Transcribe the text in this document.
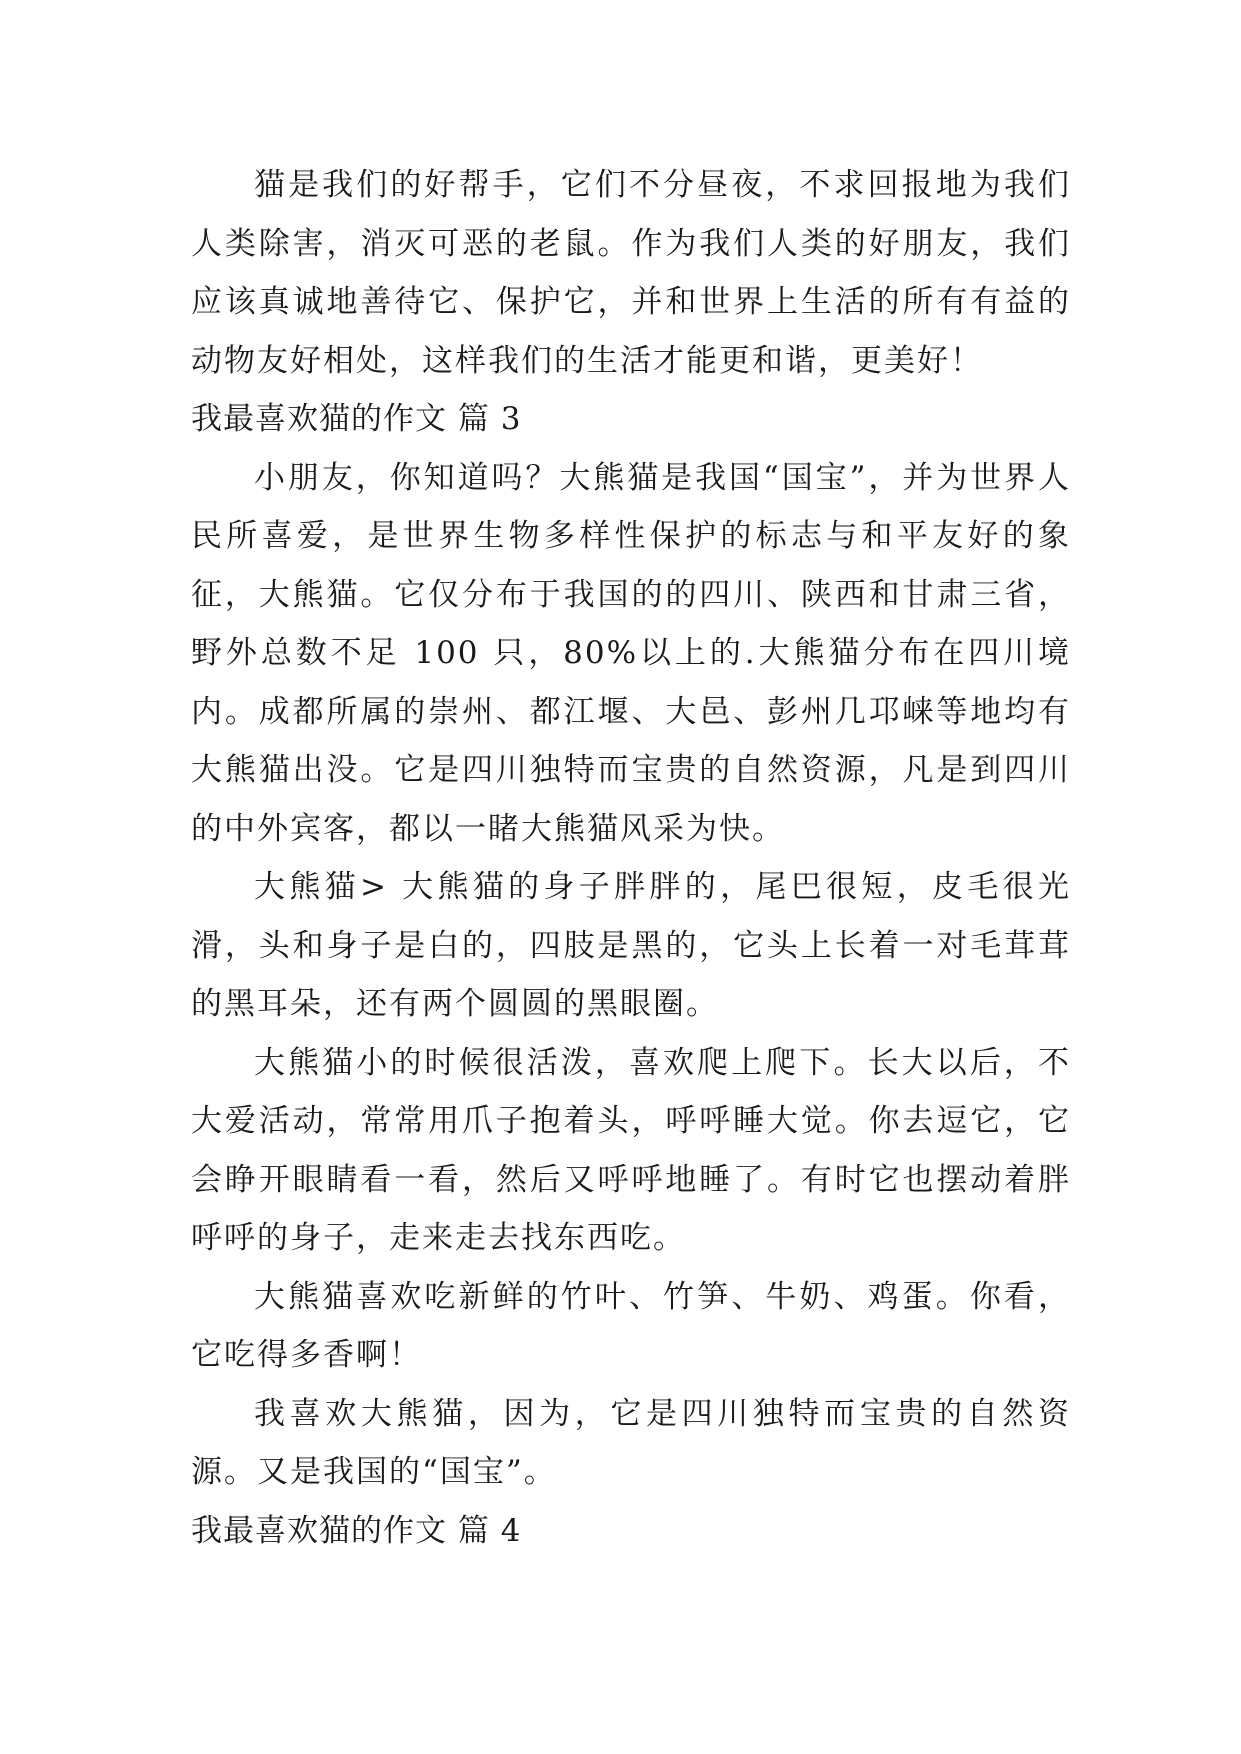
猫是我们的好帮手，它们不分昼夜，不求回报地为我们人类除害，消灭可恶的老鼠。作为我们人类的好朋友，我们应该真诚地善待它、保护它，并和世界上生活的所有有益的动物友好相处，这样我们的生活才能更和谐，更美好！

我最喜欢猫的作文 篇 3

小朋友，你知道吗？大熊猫是我国“国宝”，并为世界人民所喜爱，是世界生物多样性保护的标志与和平友好的象征，大熊猫。它仅分布于我国的的四川、陕西和甘肃三省，野外总数不足 100 只，80%以上的.大熊猫分布在四川境内。成都所属的崇州、都江堰、大邑、彭州几邛崃等地均有大熊猫出没。它是四川独特而宝贵的自然资源，凡是到四川的中外宾客，都以一睹大熊猫风采为快。

大熊猫> 大熊猫的身子胖胖的，尾巴很短，皮毛很光滑，头和身子是白的，四肢是黑的，它头上长着一对毛茸茸的黑耳朵，还有两个圆圆的黑眼圈。

大熊猫小的时候很活泼，喜欢爬上爬下。长大以后，不大爱活动，常常用爪子抱着头，呼呼睡大觉。你去逗它，它会睁开眼睛看一看，然后又呼呼地睡了。有时它也摆动着胖呼呼的身子，走来走去找东西吃。

大熊猫喜欢吃新鲜的竹叶、竹笋、牛奶、鸡蛋。你看，它吃得多香啊！

我喜欢大熊猫，因为，它是四川独特而宝贵的自然资源。又是我国的“国宝”。

我最喜欢猫的作文 篇 4
